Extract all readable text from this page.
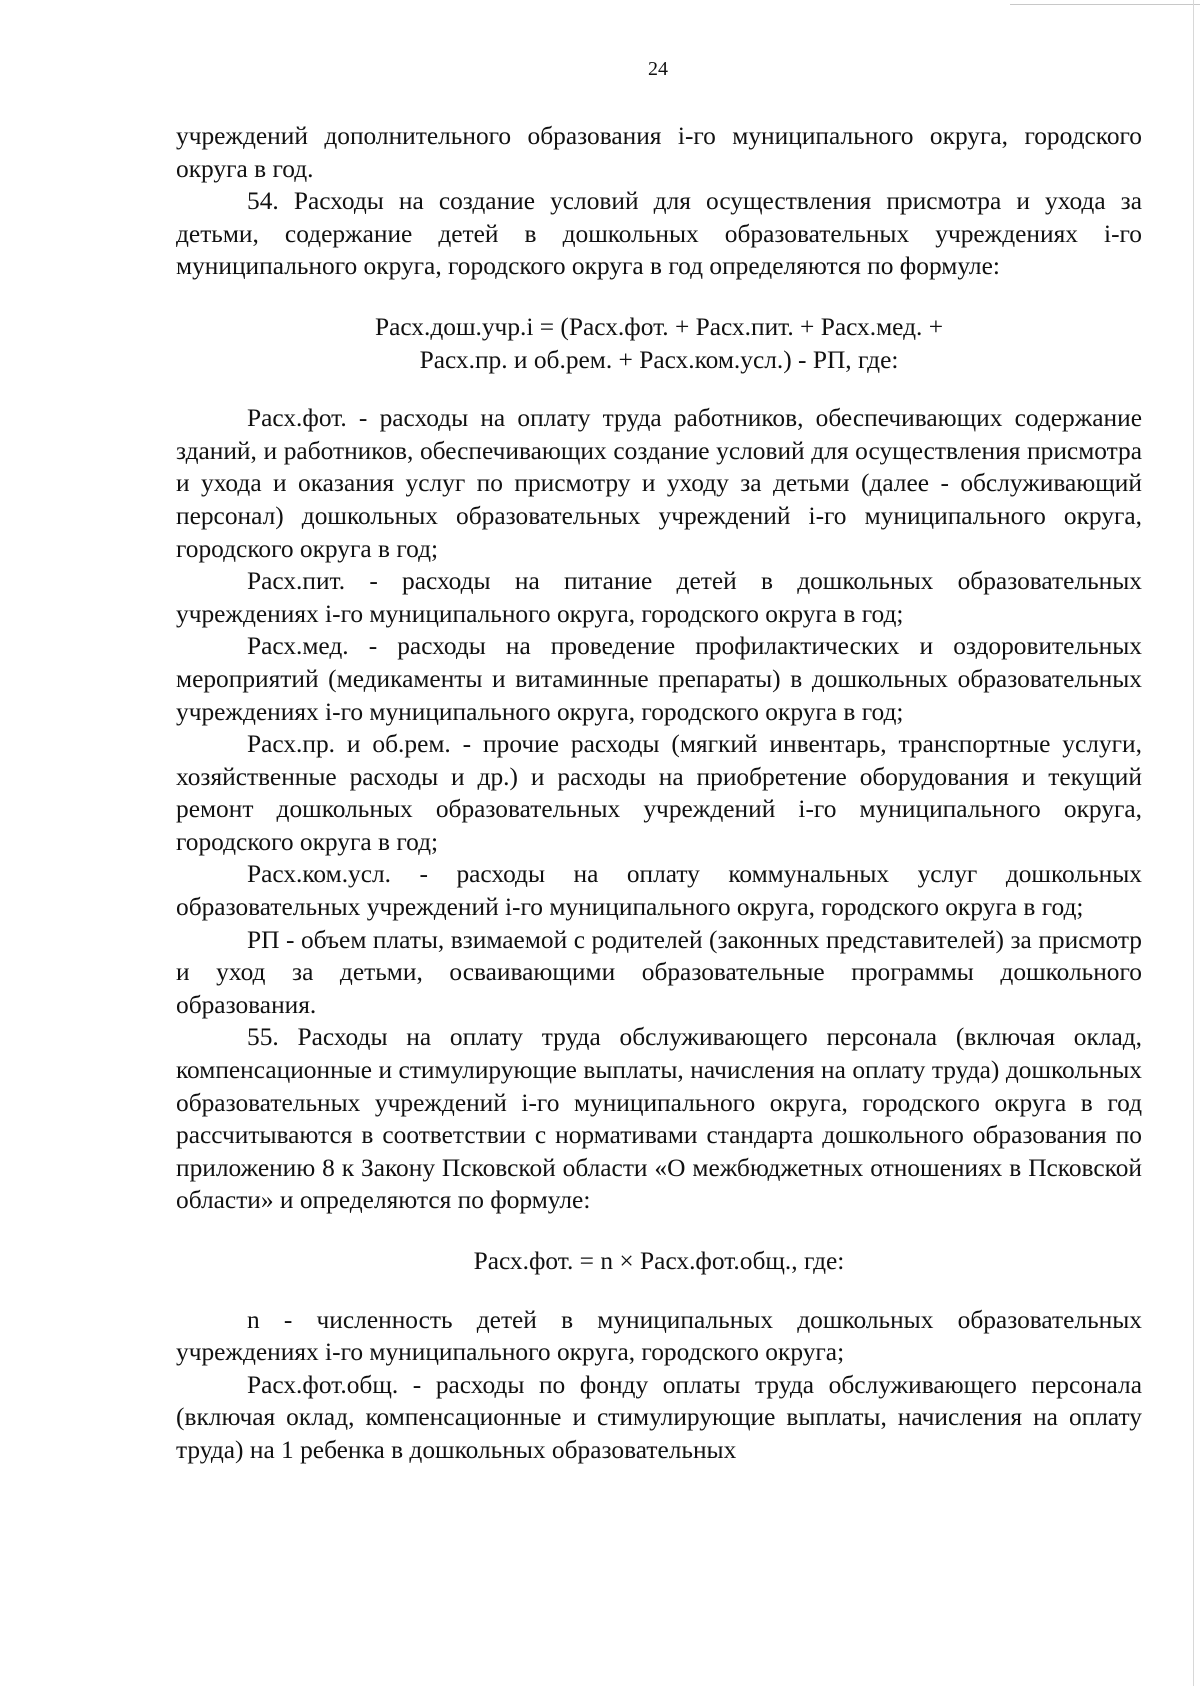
24

учреждений дополнительного образования i-го муниципального округа, городского округа в год.

54. Расходы на создание условий для осуществления присмотра и ухода за детьми, содержание детей в дошкольных образовательных учреждениях i-го муниципального округа, городского округа в год определяются по формуле:

Расх.дош.учр.i = (Расх.фот. + Расх.пит. + Расх.мед. +

Расх.пр. и об.рем. + Расх.ком.усл.) - РП, где:

Расх.фот. - расходы на оплату труда работников, обеспечивающих содержание зданий, и работников, обеспечивающих создание условий для осуществления присмотра и ухода и оказания услуг по присмотру и уходу за детьми (далее - обслуживающий персонал) дошкольных образовательных учреждений i-го муниципального округа, городского округа в год;

Расх.пит. - расходы на питание детей в дошкольных образовательных учреждениях i-го муниципального округа, городского округа в год;

Расх.мед. - расходы на проведение профилактических и оздоровительных мероприятий (медикаменты и витаминные препараты) в дошкольных образовательных учреждениях i-го муниципального округа, городского округа в год;

Расх.пр. и об.рем. - прочие расходы (мягкий инвентарь, транспортные услуги, хозяйственные расходы и др.) и расходы на приобретение оборудования и текущий ремонт дошкольных образовательных учреждений i-го муниципального округа, городского округа в год;

Расх.ком.усл. - расходы на оплату коммунальных услуг дошкольных образовательных учреждений i-го муниципального округа, городского округа в год;

РП - объем платы, взимаемой с родителей (законных представителей) за присмотр и уход за детьми, осваивающими образовательные программы дошкольного образования.

55. Расходы на оплату труда обслуживающего персонала (включая оклад, компенсационные и стимулирующие выплаты, начисления на оплату труда) дошкольных образовательных учреждений i-го муниципального округа, городского округа в год рассчитываются в соответствии с нормативами стандарта дошкольного образования по приложению 8 к Закону Псковской области «О межбюджетных отношениях в Псковской области» и определяются по формуле:

Расх.фот. = n × Расх.фот.общ., где:

n - численность детей в муниципальных дошкольных образовательных учреждениях i-го муниципального округа, городского округа;

Расх.фот.общ. - расходы по фонду оплаты труда обслуживающего персонала (включая оклад, компенсационные и стимулирующие выплаты, начисления на оплату труда) на 1 ребенка в дошкольных образовательных
